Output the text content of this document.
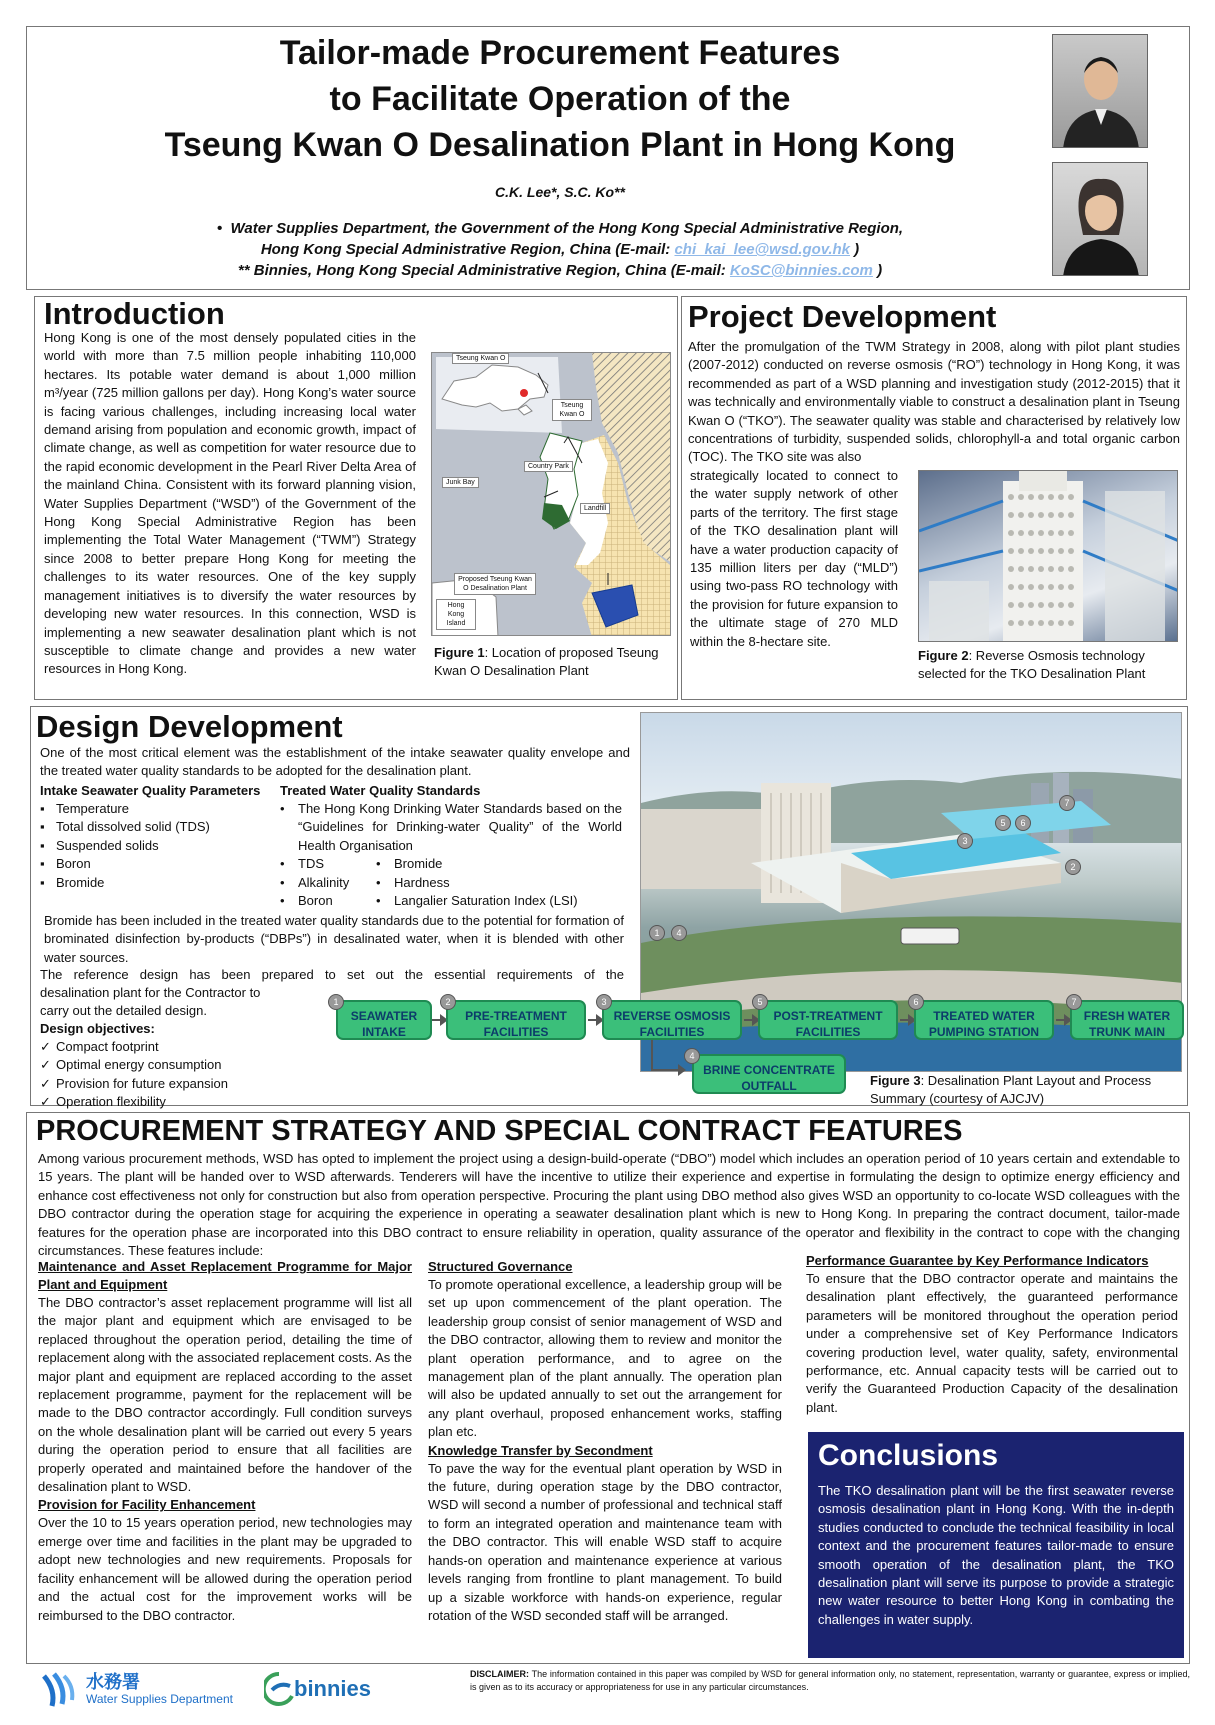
Tailor-made Procurement Features
to Facilitate Operation of the
Tseung Kwan O Desalination Plant in Hong Kong
C.K. Lee*, S.C. Ko**
•  Water Supplies Department, the Government of the Hong Kong Special Administrative Region,
Hong Kong Special Administrative Region, China (E-mail: chi_kai_lee@wsd.gov.hk )
** Binnies, Hong Kong Special Administrative Region, China (E-mail: KoSC@binnies.com )
Introduction

Hong Kong is one of the most densely populated cities in the world with more than 7.5 million people inhabiting 110,000 hectares. Its potable water demand is about 1,000 million m³/year (725 million gallons per day). Hong Kong’s water source is facing various challenges, including increasing local water demand arising from population and economic growth, impact of climate change, as well as competition for water resource due to the rapid economic development in the Pearl River Delta Area of the mainland China. Consistent with its forward planning vision, Water Supplies Department (“WSD”) of the Government of the Hong Kong Special Administrative Region has been implementing the Total Water Management (“TWM”) Strategy since 2008 to better prepare Hong Kong for meeting the challenges to its water resources. One of the key supply management initiatives is to diversify the water resources by developing new water resources. In this connection, WSD is implementing a new seawater desalination plant which is not susceptible to climate change and provides a new water resources in Hong Kong.

Tseung Kwan O
Tseung Kwan O
Country Park
Junk Bay
Landfill
Proposed Tseung Kwan O Desalination Plant
Hong Kong Island
Figure 1: Location of proposed Tseung Kwan O Desalination Plant
Project Development

After the promulgation of the TWM Strategy in 2008, along with pilot plant studies (2007-2012) conducted on reverse osmosis (“RO”) technology in Hong Kong, it was recommended as part of a WSD planning and investigation study (2012-2015) that it was technically and environmentally viable to construct a desalination plant in Tseung Kwan O (“TKO”). The seawater quality was stable and characterised by relatively low concentrations of turbidity, suspended solids, chlorophyll-a and total organic carbon (TOC). The TKO site was also

strategically located to connect to the water supply network of other parts of the territory. The first stage of the TKO desalination plant will have a water production capacity of 135 million liters per day (“MLD”) using two-pass RO technology with the provision for future expansion to the ultimate stage of 270 MLD within the 8-hectare site.

Figure 2: Reverse Osmosis technology selected for the TKO Desalination Plant
Design Development

One of the most critical element was the establishment of the intake seawater quality envelope and the treated water quality standards to be adopted for the desalination plant.

Intake Seawater Quality Parameters
▪ Temperature
▪ Total dissolved solid (TDS)
▪ Suspended solids
▪ Boron
▪ Bromide
Treated Water Quality Standards
• The Hong Kong Drinking Water Standards based on the “Guidelines for Drinking-water Quality” of the World Health Organisation
• TDS
• Alkalinity
• Boron
• Bromide
• Hardness
• Langalier Saturation Index (LSI)

Bromide has been included in the treated water quality standards due to the potential for formation of brominated disinfection by-products (“DBPs”) in desalinated water, when it is blended with other water sources.

The reference design has been prepared to set out the essential requirements of the
desalination plant for the Contractor to
carry out the detailed design.
Design objectives:
✓ Compact footprint
✓ Optimal energy consumption
✓ Provision for future expansion
✓ Operation flexibility
7
5	6
3
2
1	4
SEAWATER INTAKE
PRE-TREATMENT FACILITIES
REVERSE OSMOSIS FACILITIES
POST-TREATMENT FACILITIES
TREATED WATER PUMPING STATION
FRESH WATER TRUNK MAIN
BRINE CONCENTRATE OUTFALL
1	2	3	5	6	7
4
Figure 3: Desalination Plant Layout and Process Summary (courtesy of AJCJV)
PROCUREMENT STRATEGY AND SPECIAL CONTRACT FEATURES

Among various procurement methods, WSD has opted to implement the project using a design-build-operate (“DBO”) model which includes an operation period of 10 years certain and extendable to 15 years. The plant will be handed over to WSD afterwards. Tenderers will have the incentive to utilize their experience and expertise in formulating the design to optimize energy efficiency and enhance cost effectiveness not only for construction but also from operation perspective. Procuring the plant using DBO method also gives WSD an opportunity to co-locate WSD colleagues with the DBO contractor during the operation stage for acquiring the experience in operating a seawater desalination plant which is new to Hong Kong. In preparing the contract document, tailor-made features for the operation phase are incorporated into this DBO contract to ensure reliability in operation, quality assurance of the operator and flexibility in the contract to cope with the changing circumstances. These features include:

Maintenance and Asset Replacement Programme for Major Plant and Equipment

The DBO contractor’s asset replacement programme will list all the major plant and equipment which are envisaged to be replaced throughout the operation period, detailing the time of replacement along with the associated replacement costs. As the major plant and equipment are replaced according to the asset replacement programme, payment for the replacement will be made to the DBO contractor accordingly. Full condition surveys on the whole desalination plant will be carried out every 5 years during the operation period to ensure that all facilities are properly operated and maintained before the handover of the desalination plant to WSD.

Provision for Facility Enhancement

Over the 10 to 15 years operation period, new technologies may emerge over time and facilities in the plant may be upgraded to adopt new technologies and new requirements. Proposals for facility enhancement will be allowed during the operation period and the actual cost for the improvement works will be reimbursed to the DBO contractor.

Structured Governance

To promote operational excellence, a leadership group will be set up upon commencement of the plant operation. The leadership group consist of senior management of WSD and the DBO contractor, allowing them to review and monitor the plant operation performance, and to agree on the management plan of the plant annually. The operation plan will also be updated annually to set out the arrangement for any plant overhaul, proposed enhancement works, staffing plan etc.

Knowledge Transfer by Secondment

To pave the way for the eventual plant operation by WSD in the future, during operation stage by the DBO contractor, WSD will second a number of professional and technical staff to form an integrated operation and maintenance team with the DBO contractor. This will enable WSD staff to acquire hands-on operation and maintenance experience at various levels ranging from frontline to plant management. To build up a sizable workforce with hands-on experience, regular rotation of the WSD seconded staff will be arranged.

Performance Guarantee by Key Performance Indicators

To ensure that the DBO contractor operate and maintains the desalination plant effectively, the guaranteed performance parameters will be monitored throughout the operation period under a comprehensive set of Key Performance Indicators covering production level, water quality, safety, environmental performance, etc. Annual capacity tests will be carried out to verify the Guaranteed Production Capacity of the desalination plant.

Conclusions

The TKO desalination plant will be the first seawater reverse osmosis desalination plant in Hong Kong. With the in-depth studies conducted to conclude the technical feasibility in local context and the procurement features tailor-made to ensure smooth operation of the desalination plant, the TKO desalination plant will serve its purpose to provide a strategic new water resource to better Hong Kong in combating the challenges in water supply.

水務署
Water Supplies Department	binnies
DISCLAIMER: The information contained in this paper was compiled by WSD for general information only, no statement, representation, warranty or guarantee, express or implied, is given as to its accuracy or appropriateness for use in any particular circumstances.
